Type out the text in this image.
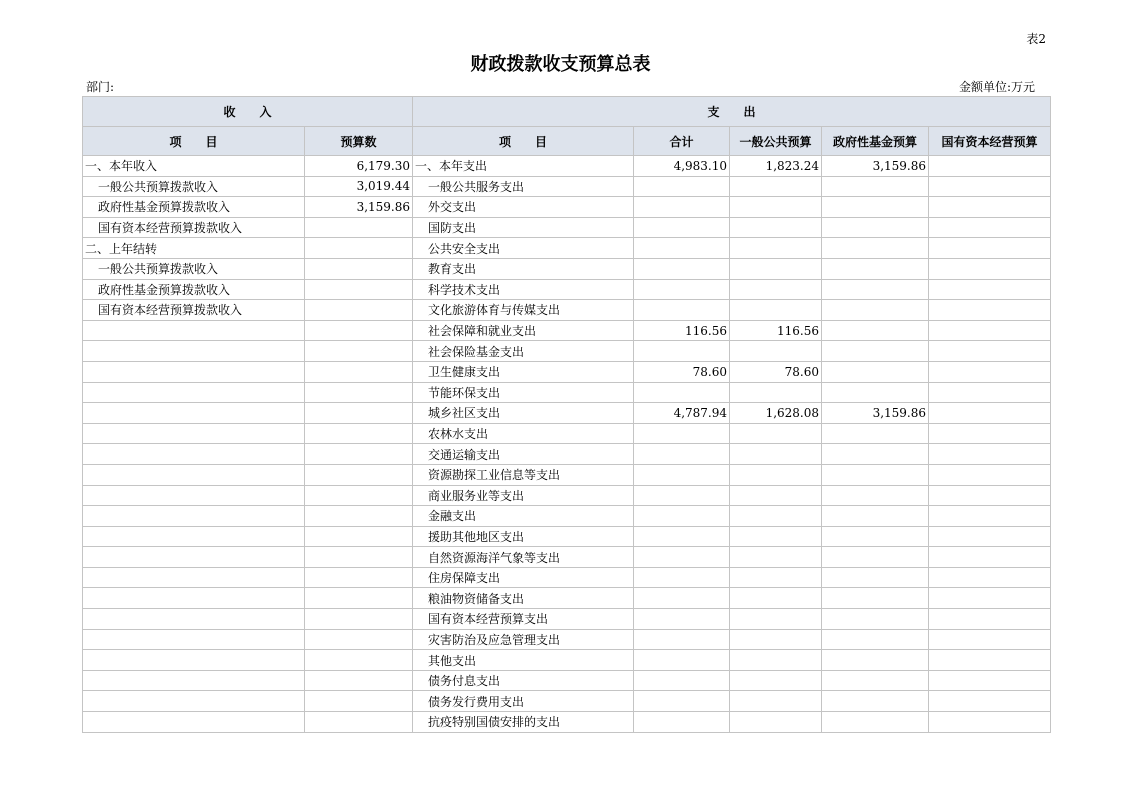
表2
财政拨款收支预算总表
部门:	金额单位:万元
收　　入		支　　出				
项　　目	预算数	项　　目	合计	一般公共预算	政府性基金预算	国有资本经营预算
一、本年收入	6,179.30	一、本年支出	4,983.10	1,823.24	3,159.86	
一般公共预算拨款收入	3,019.44	一般公共服务支出				
政府性基金预算拨款收入	3,159.86	外交支出				
国有资本经营预算拨款收入		国防支出				
二、上年结转		公共安全支出				
一般公共预算拨款收入		教育支出				
政府性基金预算拨款收入		科学技术支出				
国有资本经营预算拨款收入		文化旅游体育与传媒支出				
		社会保障和就业支出	116.56	116.56		
		社会保险基金支出				
		卫生健康支出	78.60	78.60		
		节能环保支出				
		城乡社区支出	4,787.94	1,628.08	3,159.86	
		农林水支出				
		交通运输支出				
		资源勘探工业信息等支出				
		商业服务业等支出				
		金融支出				
		援助其他地区支出				
		自然资源海洋气象等支出				
		住房保障支出				
		粮油物资储备支出				
		国有资本经营预算支出				
		灾害防治及应急管理支出				
		其他支出				
		债务付息支出				
		债务发行费用支出				
		抗疫特别国债安排的支出				
